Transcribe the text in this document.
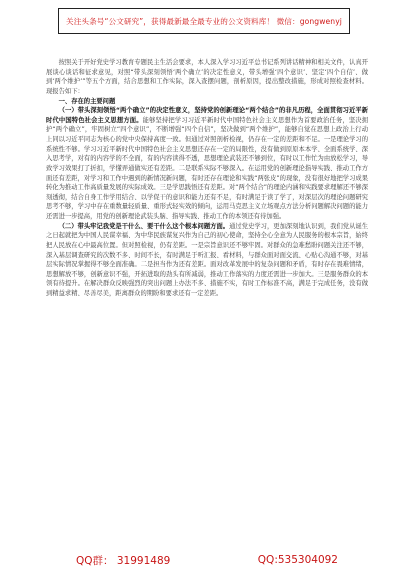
关注头条号“公文研究”，获得最新最全最专业的公文资料库！ 微信：gongwenyj

按照关于开好党史学习教育专题民主生活会要求，本人深入学习习近平总书记系列讲话精神和相关文件，认真开展谈心谈话和征求意见，对照“带头深刻领悟‘两个确立’的决定性意义，带头增强‘四个意识’、坚定‘四个自信’、做到‘两个维护’”等五个方面，结合思想和工作实际，深入查摆问题，剖析原因，提出整改措施，形成对照检查材料。现报告如下：

一、存在的主要问题

（一）带头深刻领悟“两个确立”的决定性意义，坚持党的创新理论“两个结合”的非凡历程，全面贯彻习近平新时代中国特色社会主义思想方面。能够坚持把学习习近平新时代中国特色社会主义思想作为首要政治任务，坚决拥护“两个确立”，牢固树立“四个意识”，不断增强“四个自信”，坚决做到“两个维护”，能够自觉在思想上政治上行动上同以习近平同志为核心的党中央保持高度一致。但通过对照剖析检视，仍存在一定的差距和不足。一是理论学习的系统性不够。学习习近平新时代中国特色社会主义思想还存在一定的局限性，没有做到原原本本学、全面系统学、深入思考学，对有的内容学的不全面，有的内容读得不透，思想理论武装还不够到位，有时以工作忙为由放松学习，导致学习效果打了折扣，学懂弄通做实还有差距。二是联系实际不够深入。在运用党的创新理论指导实践、推动工作方面还有差距，对学习和工作中遇到的新情况新问题，有时还存在理论和实践“两张皮”的现象，没有很好地把学习成果转化为推动工作高质量发展的实际成效。三是学思践悟还有差距。对“两个结合”的理论内涵和实践要求理解还不够深刻透彻，结合自身工作学用结合、以学促干的意识和能力还有不足，有时满足于读了学了，对深层次的理论问题研究思考不够，学习中存在重数量轻质量、重形式轻实效的倾向，运用马克思主义立场观点方法分析问题解决问题的能力还需进一步提高，用党的创新理论武装头脑、指导实践、推动工作的本领还有待加强。

（二）带头牢记我党是干什么、要干什么这个根本问题方面。通过党史学习，更加深刻地认识到，我们党从诞生之日起就把为中国人民谋幸福、为中华民族谋复兴作为自己的初心使命，坚持全心全意为人民服务的根本宗旨，始终把人民放在心中最高位置。但对照检视，仍有差距。一是宗旨意识还不够牢固。对群众的急难愁盼问题关注还不够，深入基层调查研究的次数不多、时间不长，有时满足于听汇报、看材料，与群众面对面交流、心贴心沟通不够，对基层实际情况掌握得不够全面准确。二是担当作为还有差距。面对改革发展中的复杂问题和矛盾，有时存在畏难情绪，思想解放不够，创新意识不强，开拓进取的劲头有所减弱，推动工作落实的力度还需进一步加大。三是服务群众的本领有待提升。在解决群众反映强烈的突出问题上办法不多、措施不实，有时工作标准不高，满足于完成任务，没有做到精益求精、尽善尽美，距离群众的期盼和要求还有一定差距。

QQ群： 31991489	QQ:535304092
